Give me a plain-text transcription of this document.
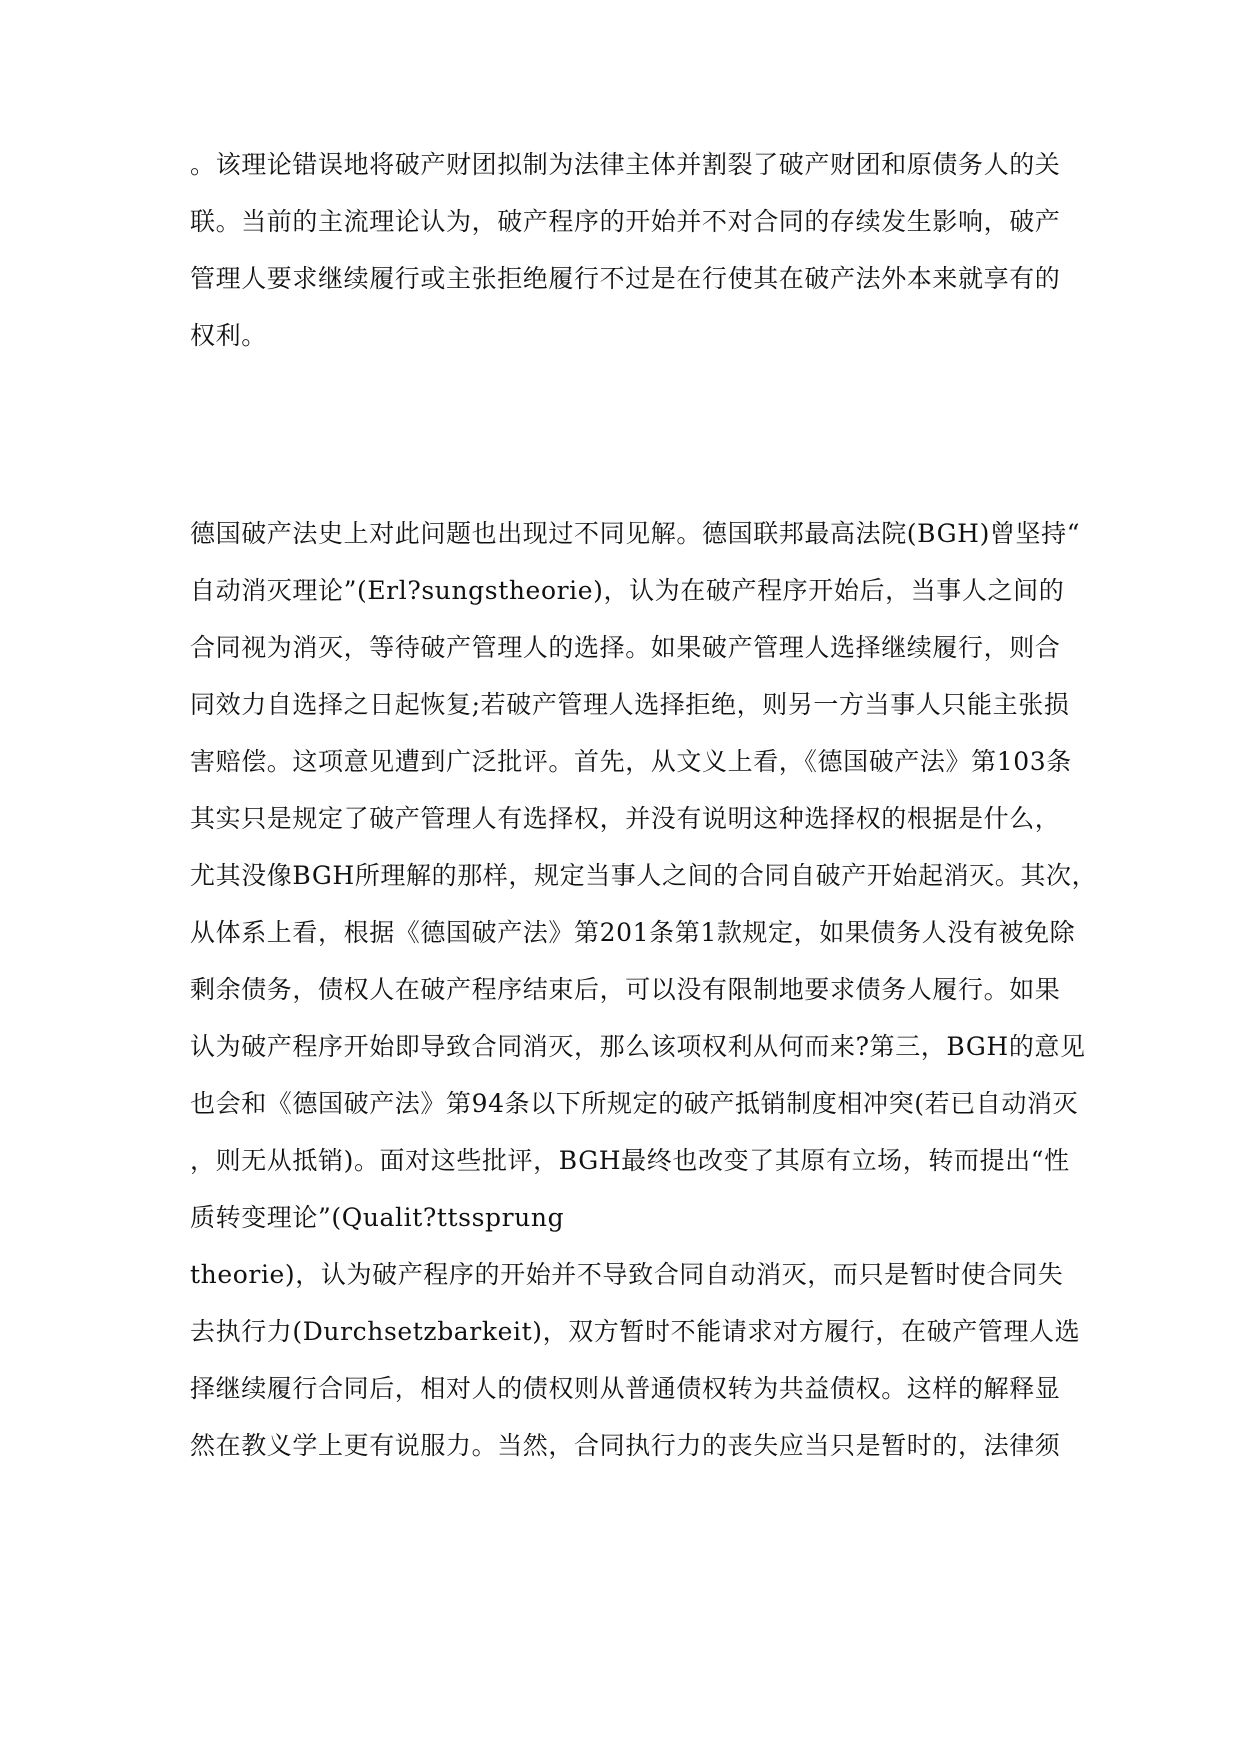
。该理论错误地将破产财团拟制为法律主体并割裂了破产财团和原债务人的关
联。当前的主流理论认为，破产程序的开始并不对合同的存续发生影响，破产
管理人要求继续履行或主张拒绝履行不过是在行使其在破产法外本来就享有的
权利。
德国破产法史上对此问题也出现过不同见解。德国联邦最高法院(BGH)曾坚持“
自动消灭理论”(Erl?sungstheorie)，认为在破产程序开始后，当事人之间的
合同视为消灭，等待破产管理人的选择。如果破产管理人选择继续履行，则合
同效力自选择之日起恢复;若破产管理人选择拒绝，则另一方当事人只能主张损
害赔偿。这项意见遭到广泛批评。首先，从文义上看，《德国破产法》第103条
其实只是规定了破产管理人有选择权，并没有说明这种选择权的根据是什么，
尤其没像BGH所理解的那样，规定当事人之间的合同自破产开始起消灭。其次，
从体系上看，根据《德国破产法》第201条第1款规定，如果债务人没有被免除
剩余债务，债权人在破产程序结束后，可以没有限制地要求债务人履行。如果
认为破产程序开始即导致合同消灭，那么该项权利从何而来?第三，BGH的意见
也会和《德国破产法》第94条以下所规定的破产抵销制度相冲突(若已自动消灭
，则无从抵销)。面对这些批评，BGH最终也改变了其原有立场，转而提出“性
质转变理论”(Qualit?ttssprung
theorie)，认为破产程序的开始并不导致合同自动消灭，而只是暂时使合同失
去执行力(Durchsetzbarkeit)，双方暂时不能请求对方履行，在破产管理人选
择继续履行合同后，相对人的债权则从普通债权转为共益债权。这样的解释显
然在教义学上更有说服力。当然，合同执行力的丧失应当只是暂时的，法律须
